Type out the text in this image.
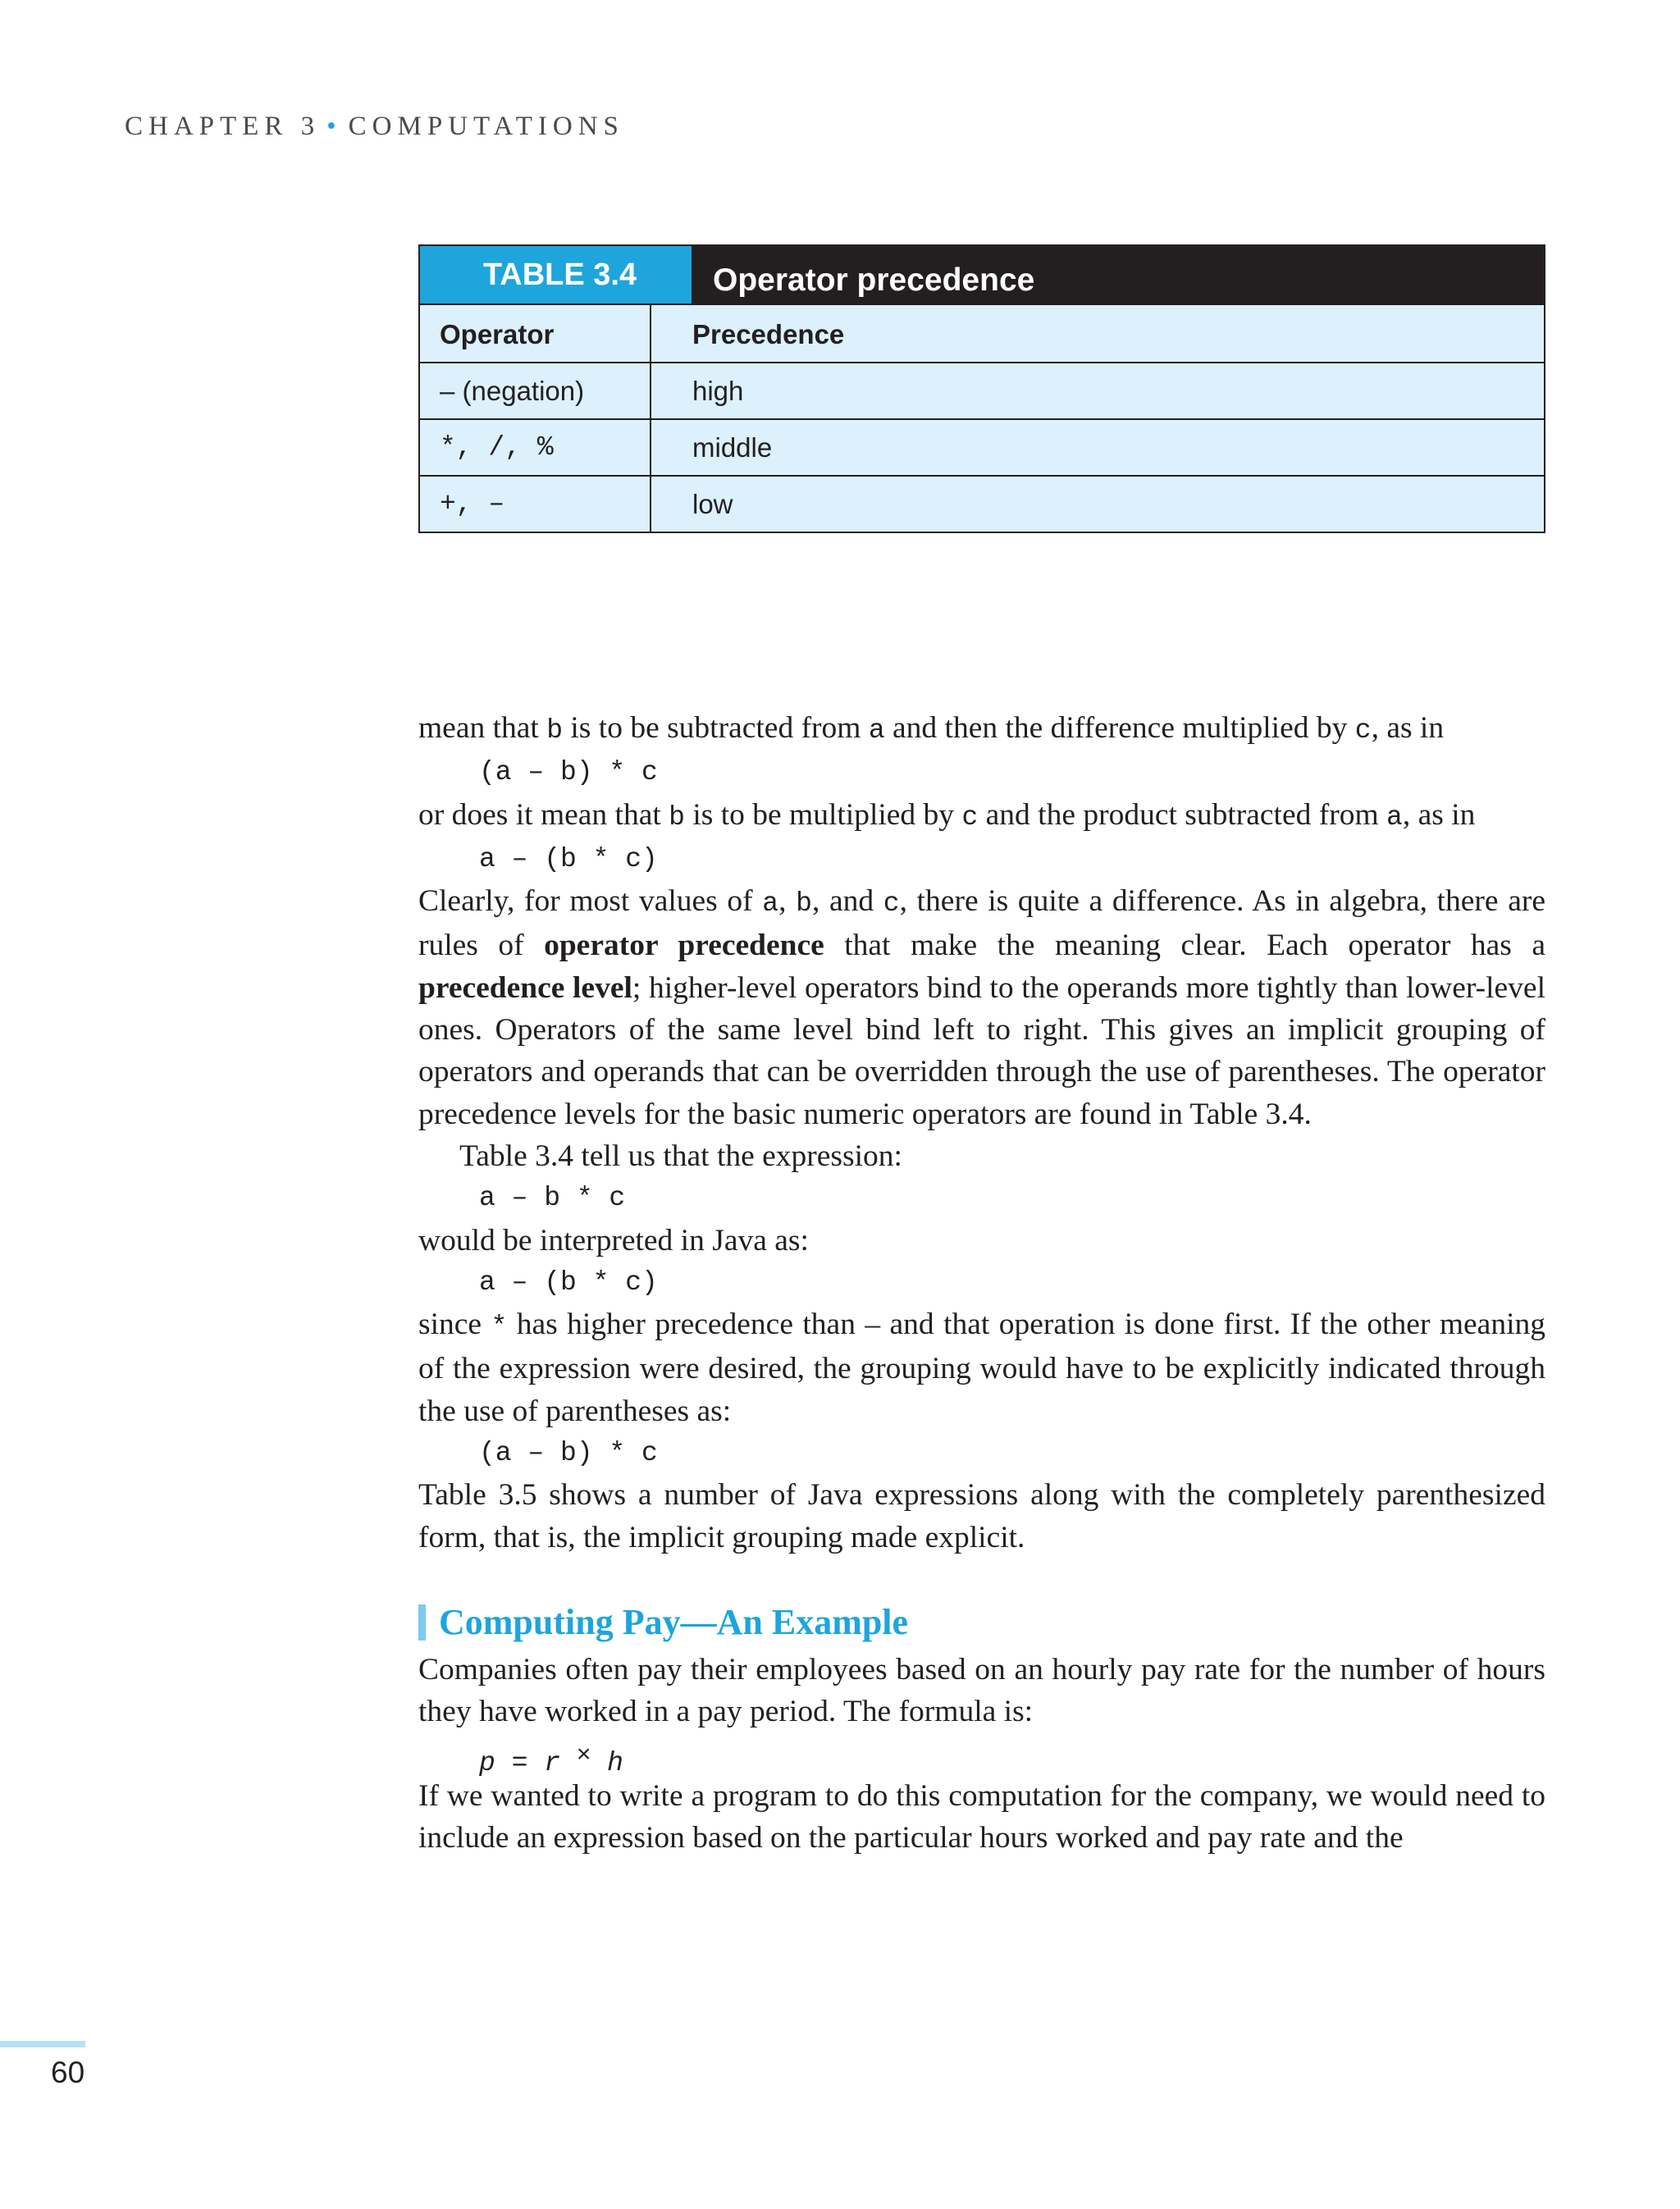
CHAPTER 3 • COMPUTATIONS
TABLE 3.4	Operator precedence
Operator	Precedence
– (negation)	high
*, /, %	middle
+, –	low

mean that b is to be subtracted from a and then the difference multiplied by c, as in

(a – b) * c

or does it mean that b is to be multiplied by c and the product subtracted from a, as in

a – (b * c)

Clearly, for most values of a, b, and c, there is quite a difference. As in algebra, there are rules of operator precedence that make the meaning clear. Each operator has a precedence level; higher-level operators bind to the operands more tightly than lower-level ones. Operators of the same level bind left to right. This gives an implicit grouping of operators and operands that can be overridden through the use of parentheses. The operator precedence levels for the basic numeric operators are found in Table 3.4.

Table 3.4 tell us that the expression:

a – b * c

would be interpreted in Java as:

a – (b * c)

since * has higher precedence than – and that operation is done first. If the other meaning of the expression were desired, the grouping would have to be explicitly indicated through the use of parentheses as:

(a – b) * c

Table 3.5 shows a number of Java expressions along with the completely parenthesized form, that is, the implicit grouping made explicit.

Computing Pay—An Example

Companies often pay their employees based on an hourly pay rate for the number of hours they have worked in a pay period. The formula is:

p = r × h

If we wanted to write a program to do this computation for the company, we would need to include an expression based on the particular hours worked and pay rate and the

60
